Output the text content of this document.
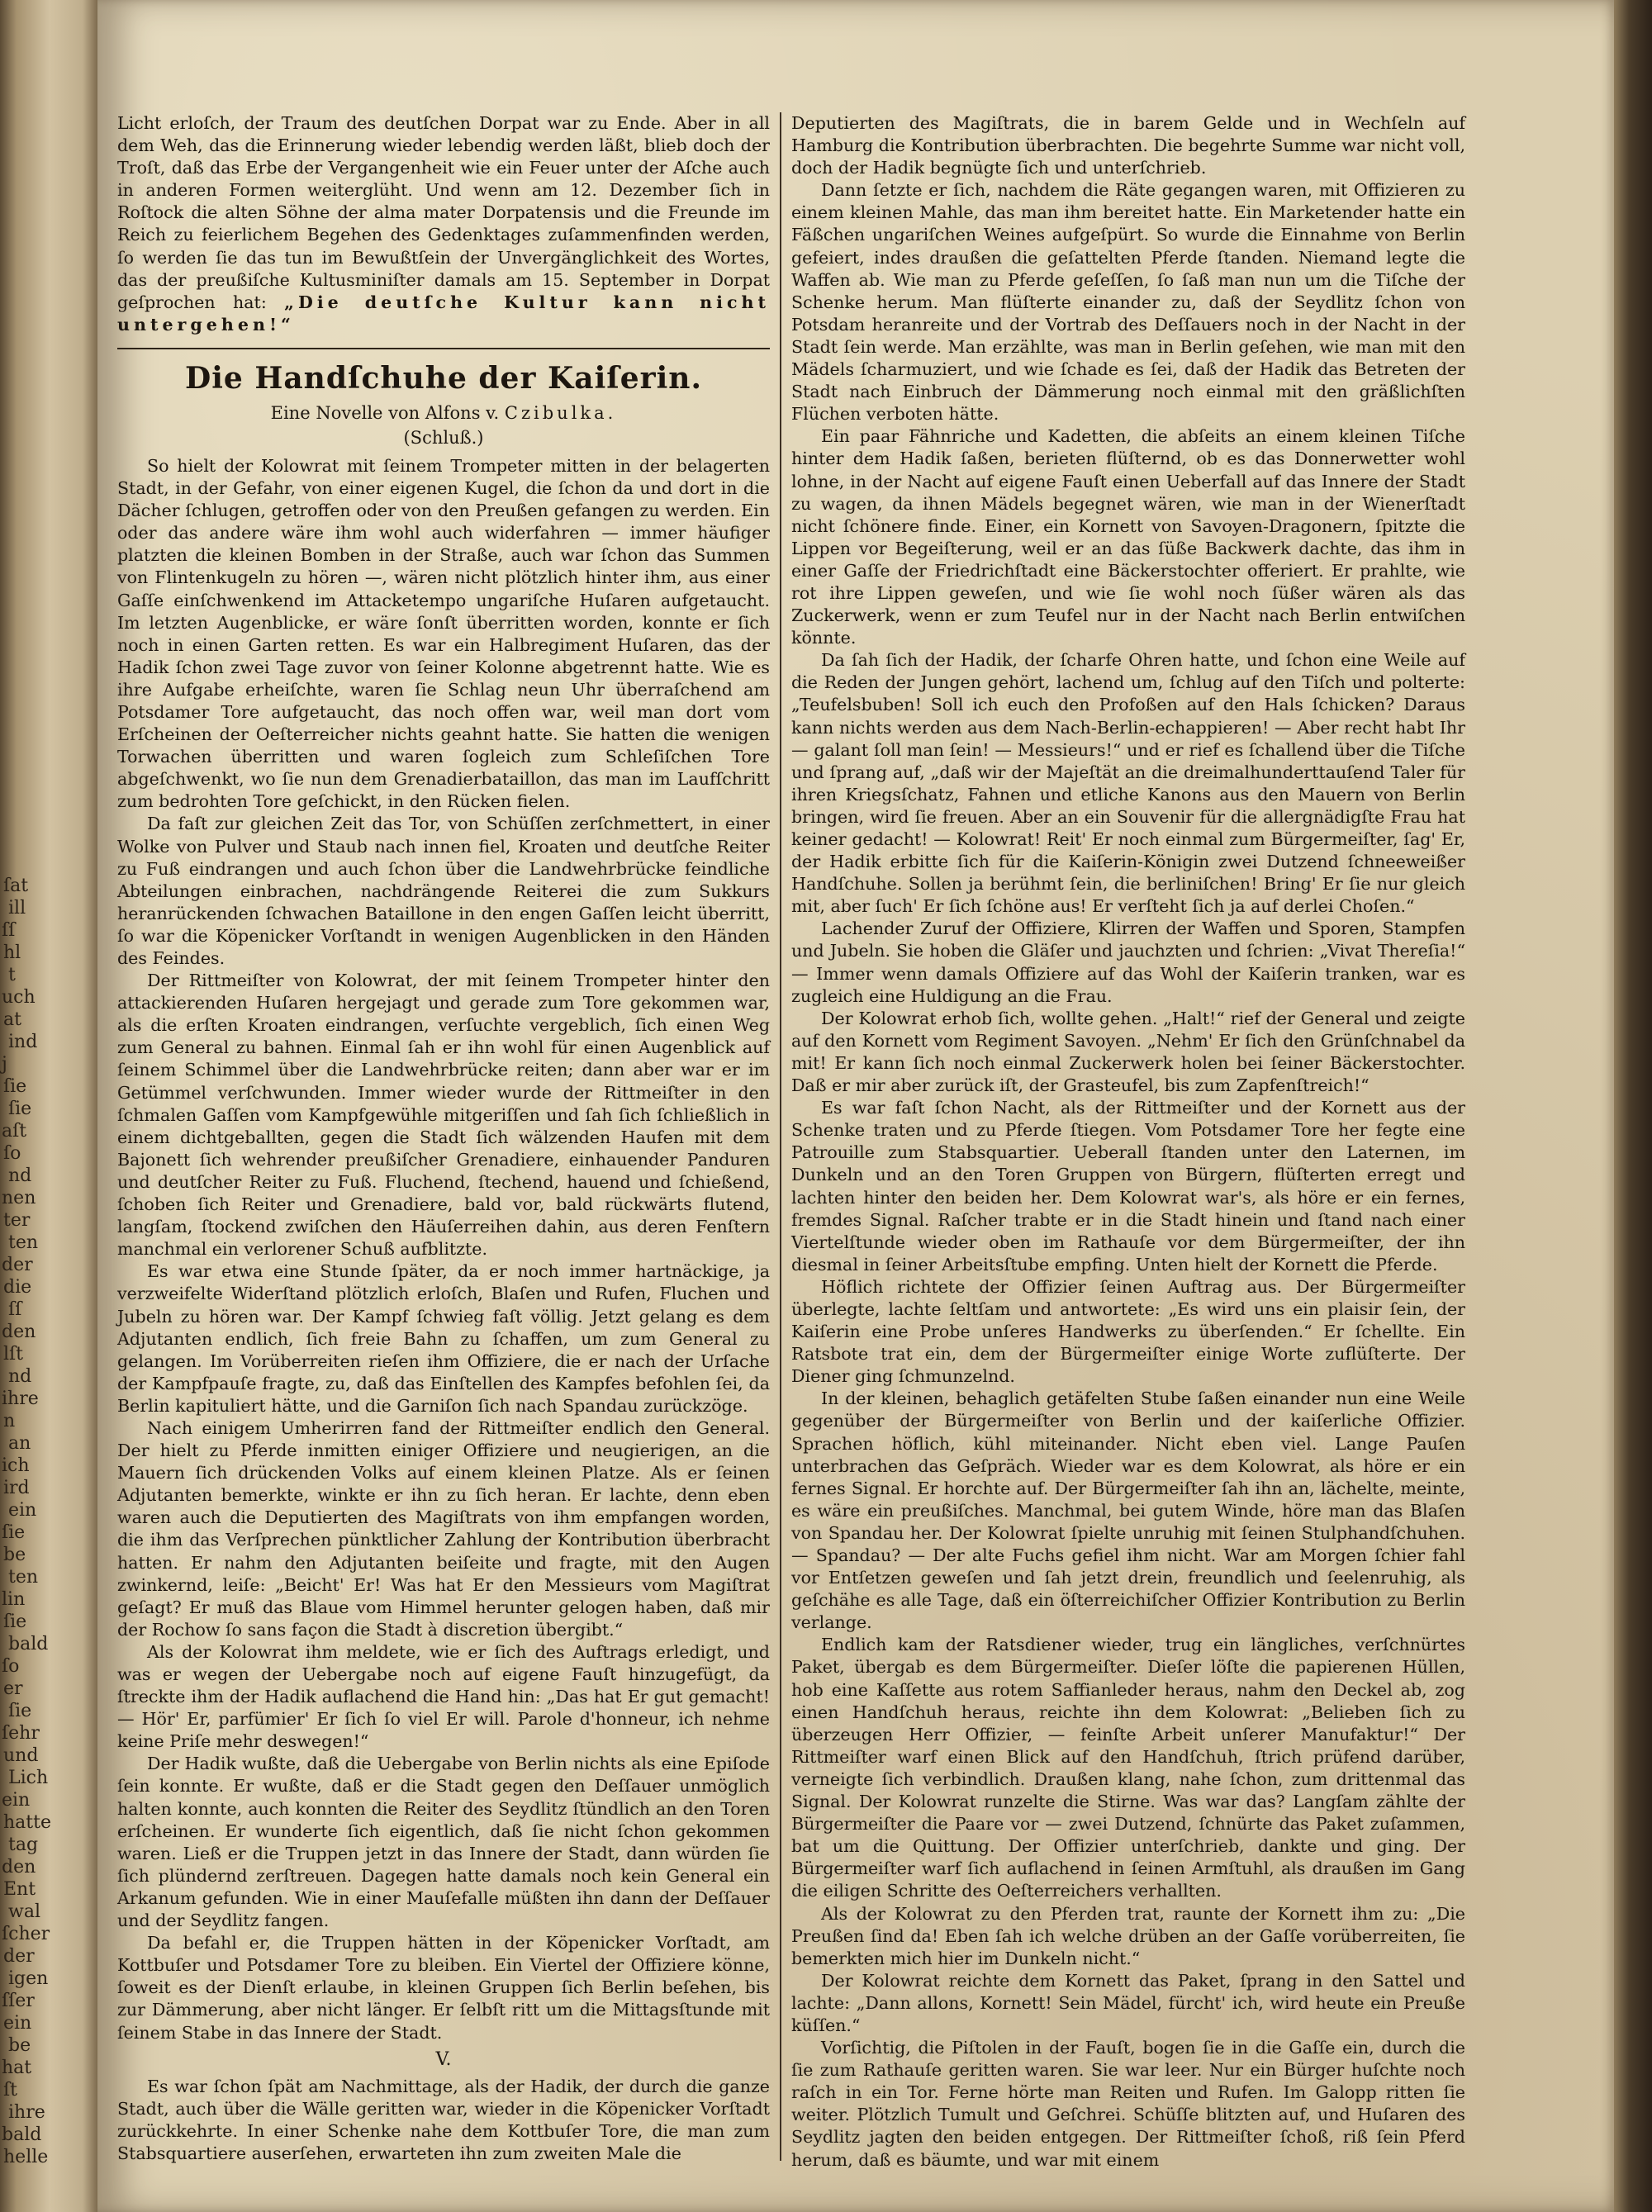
ſat
ill
ſſ
hl
t
uch
at
ind
j
ſie
ſie
aſt
ſo
nd
nen
ter
ten
der
die
ſſ
den
lſt
nd
ihre
n
an
ich
ird
ein
ſie
be
ten
lin
ſie
bald
ſo
er
ſie
ſehr
und
Lich
ein
hatte
tag
den
Ent
wal
ſcher
der
igen
ſſer
ein
be
hat
ſt
ihre
bald
helle

Licht erloſch, der Traum des deutſchen Dorpat war zu Ende. Aber in all dem Weh, das die Erinnerung wieder lebendig werden läßt, blieb doch der Troſt, daß das Erbe der Vergangenheit wie ein Feuer unter der Aſche auch in anderen Formen weiterglüht. Und wenn am 12. Dezember ſich in Roſtock die alten Söhne der alma mater Dorpatensis und die Freunde im Reich zu feierlichem Begehen des Gedenktages zuſammenfinden werden, ſo werden ſie das tun im Bewußtſein der Unvergänglichkeit des Wortes, das der preußiſche Kultusminiſter damals am 15. September in Dorpat geſprochen hat: „Die deutſche Kultur kann nicht untergehen!“

Die Handſchuhe der Kaiſerin.
Eine Novelle von Alfons v. Czibulka.
(Schluß.)

So hielt der Kolowrat mit ſeinem Trompeter mitten in der belagerten Stadt, in der Gefahr, von einer eigenen Kugel, die ſchon da und dort in die Dächer ſchlugen, getroffen oder von den Preußen gefangen zu werden. Ein oder das andere wäre ihm wohl auch widerfahren — immer häufiger platzten die kleinen Bomben in der Straße, auch war ſchon das Summen von Flintenkugeln zu hören —, wären nicht plötzlich hinter ihm, aus einer Gaſſe einſchwenkend im Attacketempo ungariſche Huſaren aufgetaucht. Im letzten Augenblicke, er wäre ſonſt überritten worden, konnte er ſich noch in einen Garten retten. Es war ein Halbregiment Huſaren, das der Hadik ſchon zwei Tage zuvor von ſeiner Kolonne abgetrennt hatte. Wie es ihre Aufgabe erheiſchte, waren ſie Schlag neun Uhr überraſchend am Potsdamer Tore aufgetaucht, das noch offen war, weil man dort vom Erſcheinen der Oeſterreicher nichts geahnt hatte. Sie hatten die wenigen Torwachen überritten und waren ſogleich zum Schleſiſchen Tore abgeſchwenkt, wo ſie nun dem Grenadierbataillon, das man im Laufſchritt zum bedrohten Tore geſchickt, in den Rücken fielen.

Da faſt zur gleichen Zeit das Tor, von Schüſſen zerſchmettert, in einer Wolke von Pulver und Staub nach innen fiel, Kroaten und deutſche Reiter zu Fuß eindrangen und auch ſchon über die Landwehrbrücke feindliche Abteilungen einbrachen, nachdrängende Reiterei die zum Sukkurs heranrückenden ſchwachen Bataillone in den engen Gaſſen leicht überritt, ſo war die Köpenicker Vorſtandt in wenigen Augenblicken in den Händen des Feindes.

Der Rittmeiſter von Kolowrat, der mit ſeinem Trompeter hinter den attackierenden Huſaren hergejagt und gerade zum Tore gekommen war, als die erſten Kroaten eindrangen, verſuchte vergeblich, ſich einen Weg zum General zu bahnen. Einmal ſah er ihn wohl für einen Augenblick auf ſeinem Schimmel über die Landwehrbrücke reiten; dann aber war er im Getümmel verſchwunden. Immer wieder wurde der Rittmeiſter in den ſchmalen Gaſſen vom Kampfgewühle mitgeriſſen und ſah ſich ſchließlich in einem dichtgeballten, gegen die Stadt ſich wälzenden Haufen mit dem Bajonett ſich wehrender preußiſcher Grenadiere, einhauender Panduren und deutſcher Reiter zu Fuß. Fluchend, ſtechend, hauend und ſchießend, ſchoben ſich Reiter und Grenadiere, bald vor, bald rückwärts flutend, langſam, ſtockend zwiſchen den Häuſerreihen dahin, aus deren Fenſtern manchmal ein verlorener Schuß aufblitzte.

Es war etwa eine Stunde ſpäter, da er noch immer hartnäckige, ja verzweifelte Widerſtand plötzlich erloſch, Blaſen und Rufen, Fluchen und Jubeln zu hören war. Der Kampf ſchwieg faſt völlig. Jetzt gelang es dem Adjutanten endlich, ſich freie Bahn zu ſchaffen, um zum General zu gelangen. Im Vorüberreiten rieſen ihm Offiziere, die er nach der Urſache der Kampfpauſe fragte, zu, daß das Einſtellen des Kampfes befohlen ſei, da Berlin kapituliert hätte, und die Garniſon ſich nach Spandau zurückzöge.

Nach einigem Umherirren fand der Rittmeiſter endlich den General. Der hielt zu Pferde inmitten einiger Offiziere und neugierigen, an die Mauern ſich drückenden Volks auf einem kleinen Platze. Als er ſeinen Adjutanten bemerkte, winkte er ihn zu ſich heran. Er lachte, denn eben waren auch die Deputierten des Magiſtrats von ihm empfangen worden, die ihm das Verſprechen pünktlicher Zahlung der Kontribution überbracht hatten. Er nahm den Adjutanten beiſeite und fragte, mit den Augen zwinkernd, leiſe: „Beicht' Er! Was hat Er den Messieurs vom Magiſtrat geſagt? Er muß das Blaue vom Himmel herunter gelogen haben, daß mir der Rochow ſo sans façon die Stadt à discretion übergibt.“

Als der Kolowrat ihm meldete, wie er ſich des Auftrags erledigt, und was er wegen der Uebergabe noch auf eigene Fauſt hinzugefügt, da ſtreckte ihm der Hadik auflachend die Hand hin: „Das hat Er gut gemacht! — Hör' Er, parfümier' Er ſich ſo viel Er will. Parole d'honneur, ich nehme keine Priſe mehr deswegen!“

Der Hadik wußte, daß die Uebergabe von Berlin nichts als eine Epiſode ſein konnte. Er wußte, daß er die Stadt gegen den Deſſauer unmöglich halten konnte, auch konnten die Reiter des Seydlitz ſtündlich an den Toren erſcheinen. Er wunderte ſich eigentlich, daß ſie nicht ſchon gekommen waren. Ließ er die Truppen jetzt in das Innere der Stadt, dann würden ſie ſich plündernd zerſtreuen. Dagegen hatte damals noch kein General ein Arkanum gefunden. Wie in einer Mauſefalle müßten ihn dann der Deſſauer und der Seydlitz fangen.

Da befahl er, die Truppen hätten in der Köpenicker Vorſtadt, am Kottbuſer und Potsdamer Tore zu bleiben. Ein Viertel der Offiziere könne, ſoweit es der Dienſt erlaube, in kleinen Gruppen ſich Berlin beſehen, bis zur Dämmerung, aber nicht länger. Er ſelbſt ritt um die Mittagsſtunde mit ſeinem Stabe in das Innere der Stadt.

V.

Es war ſchon ſpät am Nachmittage, als der Hadik, der durch die ganze Stadt, auch über die Wälle geritten war, wieder in die Köpenicker Vorſtadt zurückkehrte. In einer Schenke nahe dem Kottbuſer Tore, die man zum Stabsquartiere auserſehen, erwarteten ihn zum zweiten Male die

Deputierten des Magiſtrats, die in barem Gelde und in Wechſeln auf Hamburg die Kontribution überbrachten. Die begehrte Summe war nicht voll, doch der Hadik begnügte ſich und unterſchrieb.

Dann ſetzte er ſich, nachdem die Räte gegangen waren, mit Offizieren zu einem kleinen Mahle, das man ihm bereitet hatte. Ein Marketender hatte ein Fäßchen ungariſchen Weines aufgeſpürt. So wurde die Einnahme von Berlin gefeiert, indes draußen die geſattelten Pferde ſtanden. Niemand legte die Waffen ab. Wie man zu Pferde geſeſſen, ſo ſaß man nun um die Tiſche der Schenke herum. Man flüſterte einander zu, daß der Seydlitz ſchon von Potsdam heranreite und der Vortrab des Deſſauers noch in der Nacht in der Stadt ſein werde. Man erzählte, was man in Berlin geſehen, wie man mit den Mädels ſcharmuziert, und wie ſchade es ſei, daß der Hadik das Betreten der Stadt nach Einbruch der Dämmerung noch einmal mit den gräßlichſten Flüchen verboten hätte.

Ein paar Fähnriche und Kadetten, die abſeits an einem kleinen Tiſche hinter dem Hadik ſaßen, berieten flüſternd, ob es das Donnerwetter wohl lohne, in der Nacht auf eigene Fauſt einen Ueberfall auf das Innere der Stadt zu wagen, da ihnen Mädels begegnet wären, wie man in der Wienerſtadt nicht ſchönere finde. Einer, ein Kornett von Savoyen-Dragonern, ſpitzte die Lippen vor Begeiſterung, weil er an das ſüße Backwerk dachte, das ihm in einer Gaſſe der Friedrichſtadt eine Bäckerstochter offeriert. Er prahlte, wie rot ihre Lippen geweſen, und wie ſie wohl noch ſüßer wären als das Zuckerwerk, wenn er zum Teufel nur in der Nacht nach Berlin entwiſchen könnte.

Da ſah ſich der Hadik, der ſcharfe Ohren hatte, und ſchon eine Weile auf die Reden der Jungen gehört, lachend um, ſchlug auf den Tiſch und polterte: „Teufelsbuben! Soll ich euch den Profoßen auf den Hals ſchicken? Daraus kann nichts werden aus dem Nach-Berlin-echappieren! — Aber recht habt Ihr — galant ſoll man ſein! — Messieurs!“ und er rief es ſchallend über die Tiſche und ſprang auf, „daß wir der Majeſtät an die dreimalhunderttauſend Taler für ihren Kriegsſchatz, Fahnen und etliche Kanons aus den Mauern von Berlin bringen, wird ſie freuen. Aber an ein Souvenir für die allergnädigſte Frau hat keiner gedacht! — Kolowrat! Reit' Er noch einmal zum Bürgermeiſter, ſag' Er, der Hadik erbitte ſich für die Kaiſerin-Königin zwei Dutzend ſchneeweißer Handſchuhe. Sollen ja berühmt ſein, die berliniſchen! Bring' Er ſie nur gleich mit, aber ſuch' Er ſich ſchöne aus! Er verſteht ſich ja auf derlei Choſen.“

Lachender Zuruf der Offiziere, Klirren der Waffen und Sporen, Stampfen und Jubeln. Sie hoben die Gläſer und jauchzten und ſchrien: „Vivat Thereſia!“ — Immer wenn damals Offiziere auf das Wohl der Kaiſerin tranken, war es zugleich eine Huldigung an die Frau.

Der Kolowrat erhob ſich, wollte gehen. „Halt!“ rief der General und zeigte auf den Kornett vom Regiment Savoyen. „Nehm' Er ſich den Grünſchnabel da mit! Er kann ſich noch einmal Zuckerwerk holen bei ſeiner Bäckerstochter. Daß er mir aber zurück iſt, der Grasteufel, bis zum Zapfenſtreich!“

Es war faſt ſchon Nacht, als der Rittmeiſter und der Kornett aus der Schenke traten und zu Pferde ſtiegen. Vom Potsdamer Tore her fegte eine Patrouille zum Stabsquartier. Ueberall ſtanden unter den Laternen, im Dunkeln und an den Toren Gruppen von Bürgern, flüſterten erregt und lachten hinter den beiden her. Dem Kolowrat war's, als höre er ein fernes, fremdes Signal. Raſcher trabte er in die Stadt hinein und ſtand nach einer Viertelſtunde wieder oben im Rathauſe vor dem Bürgermeiſter, der ihn diesmal in ſeiner Arbeitsſtube empfing. Unten hielt der Kornett die Pferde.

Höflich richtete der Offizier ſeinen Auftrag aus. Der Bürgermeiſter überlegte, lachte ſeltſam und antwortete: „Es wird uns ein plaisir ſein, der Kaiſerin eine Probe unſeres Handwerks zu überſenden.“ Er ſchellte. Ein Ratsbote trat ein, dem der Bürgermeiſter einige Worte zuflüſterte. Der Diener ging ſchmunzelnd.

In der kleinen, behaglich getäfelten Stube ſaßen einander nun eine Weile gegenüber der Bürgermeiſter von Berlin und der kaiſerliche Offizier. Sprachen höflich, kühl miteinander. Nicht eben viel. Lange Pauſen unterbrachen das Geſpräch. Wieder war es dem Kolowrat, als höre er ein fernes Signal. Er horchte auf. Der Bürgermeiſter ſah ihn an, lächelte, meinte, es wäre ein preußiſches. Manchmal, bei gutem Winde, höre man das Blaſen von Spandau her. Der Kolowrat ſpielte unruhig mit ſeinen Stulphandſchuhen. — Spandau? — Der alte Fuchs gefiel ihm nicht. War am Morgen ſchier fahl vor Entſetzen geweſen und ſah jetzt drein, freundlich und ſeelenruhig, als geſchähe es alle Tage, daß ein öſterreichiſcher Offizier Kontribution zu Berlin verlange.

Endlich kam der Ratsdiener wieder, trug ein längliches, verſchnürtes Paket, übergab es dem Bürgermeiſter. Dieſer löſte die papierenen Hüllen, hob eine Kaſſette aus rotem Saffianleder heraus, nahm den Deckel ab, zog einen Handſchuh heraus, reichte ihn dem Kolowrat: „Belieben ſich zu überzeugen Herr Offizier, — feinſte Arbeit unſerer Manufaktur!“ Der Rittmeiſter warf einen Blick auf den Handſchuh, ſtrich prüfend darüber, verneigte ſich verbindlich. Draußen klang, nahe ſchon, zum drittenmal das Signal. Der Kolowrat runzelte die Stirne. Was war das? Langſam zählte der Bürgermeiſter die Paare vor — zwei Dutzend, ſchnürte das Paket zuſammen, bat um die Quittung. Der Offizier unterſchrieb, dankte und ging. Der Bürgermeiſter warf ſich auflachend in ſeinen Armſtuhl, als draußen im Gang die eiligen Schritte des Oeſterreichers verhallten.

Als der Kolowrat zu den Pferden trat, raunte der Kornett ihm zu: „Die Preußen ſind da! Eben ſah ich welche drüben an der Gaſſe vorüberreiten, ſie bemerkten mich hier im Dunkeln nicht.“

Der Kolowrat reichte dem Kornett das Paket, ſprang in den Sattel und lachte: „Dann allons, Kornett! Sein Mädel, fürcht' ich, wird heute ein Preuße küſſen.“

Vorſichtig, die Piſtolen in der Fauſt, bogen ſie in die Gaſſe ein, durch die ſie zum Rathauſe geritten waren. Sie war leer. Nur ein Bürger huſchte noch raſch in ein Tor. Ferne hörte man Reiten und Rufen. Im Galopp ritten ſie weiter. Plötzlich Tumult und Geſchrei. Schüſſe blitzten auf, und Huſaren des Seydlitz jagten den beiden entgegen. Der Rittmeiſter ſchoß, riß ſein Pferd herum, daß es bäumte, und war mit einem
